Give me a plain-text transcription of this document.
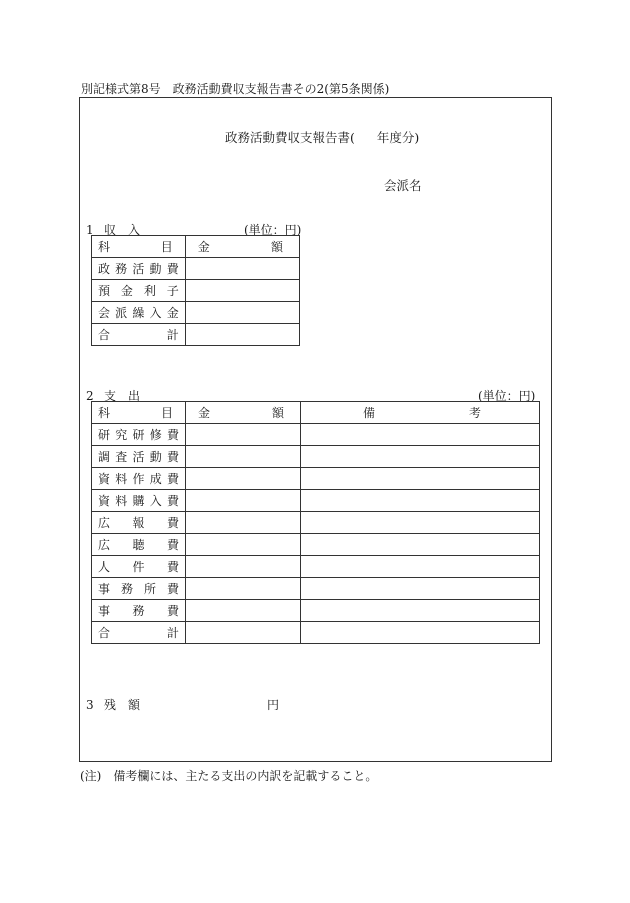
別記様式第8号　政務活動費収支報告書その2(第5条関係)
政務活動費収支報告書( 年度分)
会派名
1 収　入	(単位：円)
科 目	金 額

政 務 活 動 費	

預 金 利 子	

会 派 繰 入 金	

合 計	

2 支　出	(単位：円)
科 目	金 額	備 考

研 究 研 修 費		

調 査 活 動 費		

資 料 作 成 費		

資 料 購 入 費		

広 報 費		

広 聴 費		

人 件 費		

事 務 所 費		

事 務 費		

合 計		

3 残　額	円
(注)　備考欄には、主たる支出の内訳を記載すること。
